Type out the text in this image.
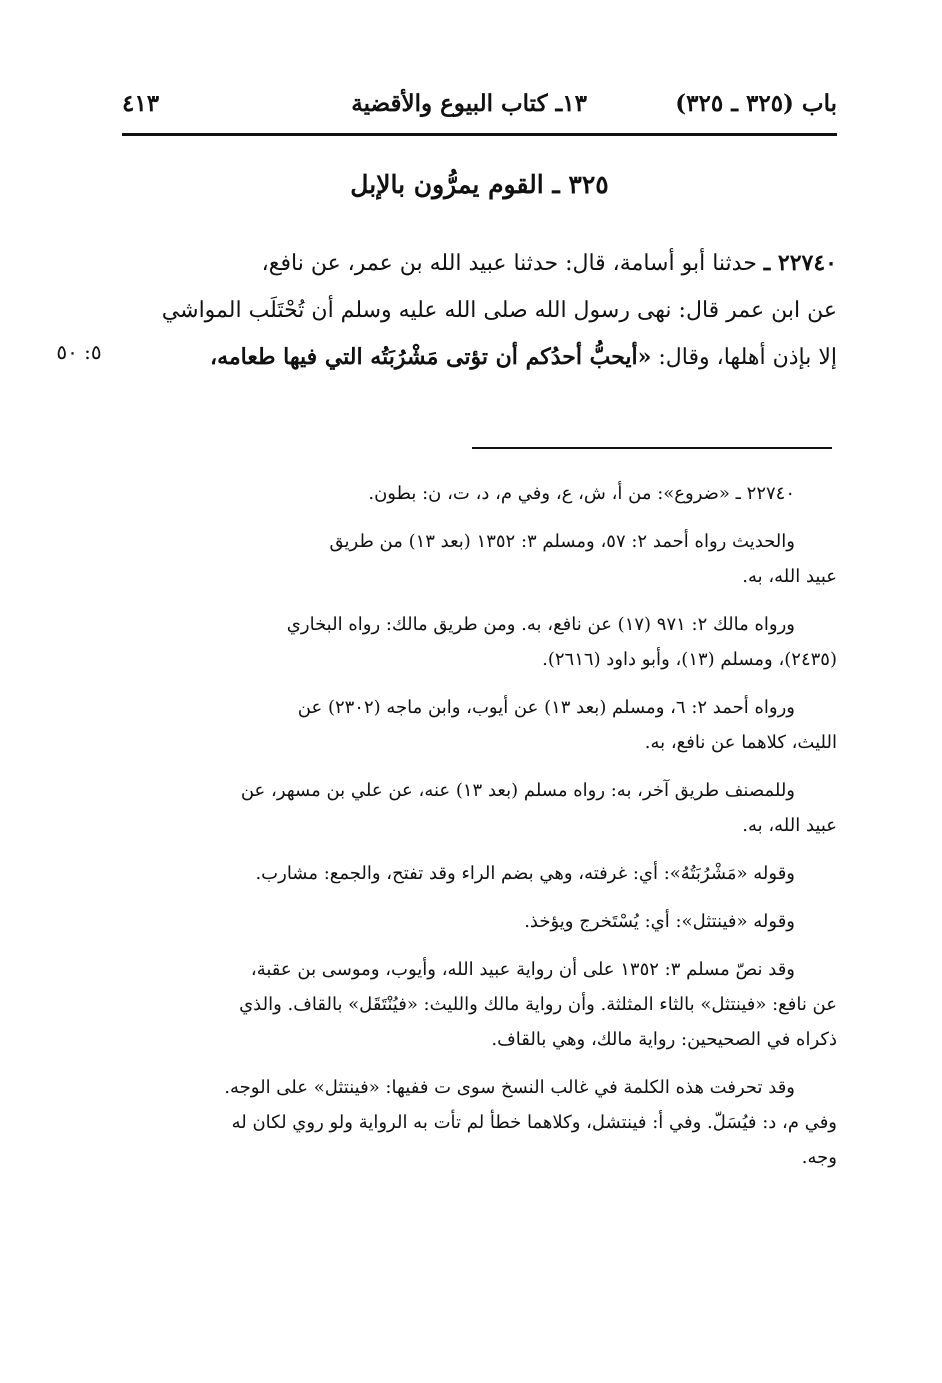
باب (٣٢٥ ـ ٣٢٥)
١٣ـ كتاب البيوع والأقضية
٤١٣
٣٢٥ ـ القوم يمرُّون بالإبل
٢٢٧٤٠ ـ حدثنا أبو أسامة، قال: حدثنا عبيد الله بن عمر، عن نافع،
عن ابن عمر قال: نهى رسول الله صلى الله عليه وسلم أن تُحْتَلَب المواشي
إلا بإذن أهلها، وقال: «أيحبُّ أحدُكم أن تؤتى مَشْرُبَتُه التي فيها طعامه،
٥: ٥٠
٢٢٧٤٠ ـ «ضروع»: من أ، ش، ع، وفي م، د، ت، ن: بطون.
والحديث رواه أحمد ٢: ٥٧، ومسلم ٣: ١٣٥٢ (بعد ١٣) من طريق
عبيد الله، به.
ورواه مالك ٢: ٩٧١ (١٧) عن نافع، به. ومن طريق مالك: رواه البخاري
(٢٤٣٥)، ومسلم (١٣)، وأبو داود (٢٦١٦).
ورواه أحمد ٢: ٦، ومسلم (بعد ١٣) عن أيوب، وابن ماجه (٢٣٠٢) عن
الليث، كلاهما عن نافع، به.
وللمصنف طريق آخر، به: رواه مسلم (بعد ١٣) عنه، عن علي بن مسهر، عن
عبيد الله، به.
وقوله «مَشْرُبَتُهُ»: أي: غرفته، وهي بضم الراء وقد تفتح، والجمع: مشارب.
وقوله «فينتثل»: أي: يُسْتَخرج ويؤخذ.
وقد نصّ مسلم ٣: ١٣٥٢ على أن رواية عبيد الله، وأيوب، وموسى بن عقبة،
عن نافع: «فينتثل» بالثاء المثلثة. وأن رواية مالك والليث: «فيُنْتَقَل» بالقاف. والذي
ذكراه في الصحيحين: رواية مالك، وهي بالقاف.
وقد تحرفت هذه الكلمة في غالب النسخ سوى ت ففيها: «فينتثل» على الوجه.
وفي م، د: فيُسَلّ. وفي أ: فينتشل، وكلاهما خطأ لم تأت به الرواية ولو روي لكان له
وجه.
